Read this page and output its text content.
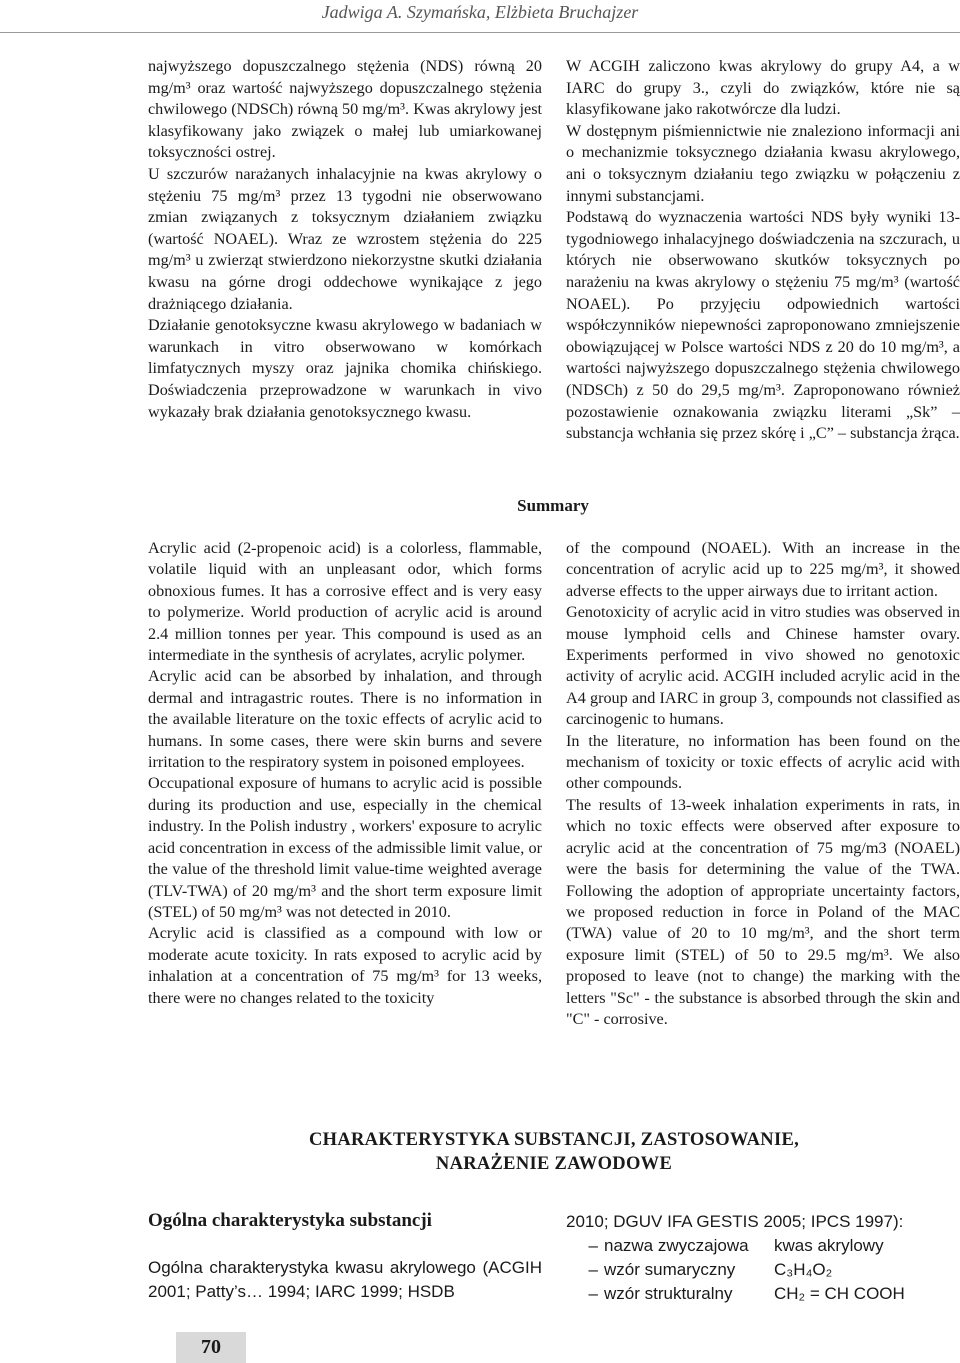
Jadwiga A. Szymańska, Elżbieta Bruchajzer

najwyższego dopuszczalnego stężenia (NDS) równą 20 mg/m³ oraz wartość najwyższego dopuszczalnego stężenia chwilowego (NDSCh) równą 50 mg/m³. Kwas akrylowy jest klasyfikowany jako związek o małej lub umiarkowanej toksyczności ostrej.

U szczurów narażanych inhalacyjnie na kwas akrylowy o stężeniu 75 mg/m³ przez 13 tygodni nie obserwowano zmian związanych z toksycznym działaniem związku (wartość NOAEL). Wraz ze wzrostem stężenia do 225 mg/m³ u zwierząt stwierdzono niekorzystne skutki działania kwasu na górne drogi oddechowe wynikające z jego drażniącego działania.

Działanie genotoksyczne kwasu akrylowego w badaniach w warunkach in vitro obserwowano w komórkach limfatycznych myszy oraz jajnika chomika chińskiego. Doświadczenia przeprowadzone w warunkach in vivo wykazały brak działania genotoksycznego kwasu.

W ACGIH zaliczono kwas akrylowy do grupy A4, a w IARC do grupy 3., czyli do związków, które nie są klasyfikowane jako rakotwórcze dla ludzi.

W dostępnym piśmiennictwie nie znaleziono informacji ani o mechanizmie toksycznego działania kwasu akrylowego, ani o toksycznym działaniu tego związku w połączeniu z innymi substancjami.

Podstawą do wyznaczenia wartości NDS były wyniki 13-tygodniowego inhalacyjnego doświadczenia na szczurach, u których nie obserwowano skutków toksycznych po narażeniu na kwas akrylowy o stężeniu 75 mg/m³ (wartość NOAEL). Po przyjęciu odpowiednich wartości współczynników niepewności zaproponowano zmniejszenie obowiązującej w Polsce wartości NDS z 20 do 10 mg/m³, a wartości najwyższego dopuszczalnego stężenia chwilowego (NDSCh) z 50 do 29,5 mg/m³. Zaproponowano również pozostawienie oznakowania związku literami „Sk” – substancja wchłania się przez skórę i „C” – substancja żrąca.

Summary

Acrylic acid (2-propenoic acid) is a colorless, flammable, volatile liquid with an unpleasant odor, which forms obnoxious fumes. It has a corrosive effect and is very easy to polymerize. World production of acrylic acid is around 2.4 million tonnes per year. This compound is used as an intermediate in the synthesis of acrylates, acrylic polymer.

Acrylic acid can be absorbed by inhalation, and through dermal and intragastric routes. There is no information in the available literature on the toxic effects of acrylic acid to humans. In some cases, there were skin burns and severe irritation to the respiratory system in poisoned employees.

Occupational exposure of humans to acrylic acid is possible during its production and use, especially in the chemical industry. In the Polish industry , workers' exposure to acrylic acid concentration in excess of the admissible limit value, or the value of the threshold limit value-time weighted average (TLV-TWA) of 20 mg/m³ and the short term exposure limit (STEL) of 50 mg/m³ was not detected in 2010.

Acrylic acid is classified as a compound with low or moderate acute toxicity. In rats exposed to acrylic acid by inhalation at a concentration of 75 mg/m³ for 13 weeks, there were no changes related to the toxicity

of the compound (NOAEL). With an increase in the concentration of acrylic acid up to 225 mg/m³, it showed adverse effects to the upper airways due to irritant action.

Genotoxicity of acrylic acid in vitro studies was observed in mouse lymphoid cells and Chinese hamster ovary. Experiments performed in vivo showed no genotoxic activity of acrylic acid. ACGIH included acrylic acid in the A4 group and IARC in group 3, compounds not classified as carcinogenic to humans.

In the literature, no information has been found on the mechanism of toxicity or toxic effects of acrylic acid with other compounds.

The results of 13-week inhalation experiments in rats, in which no toxic effects were observed after exposure to acrylic acid at the concentration of 75 mg/m3 (NOAEL) were the basis for determining the value of the TWA. Following the adoption of appropriate uncertainty factors, we proposed reduction in force in Poland of the MAC (TWA) value of 20 to 10 mg/m³, and the short term exposure limit (STEL) of 50 to 29.5 mg/m³. We also proposed to leave (not to change) the marking with the letters "Sc" - the substance is absorbed through the skin and "C" - corrosive.

CHARAKTERYSTYKA SUBSTANCJI, ZASTOSOWANIE,
NARAŻENIE ZAWODOWE
Ogólna charakterystyka substancji

Ogólna charakterystyka kwasu akrylowego (ACGIH 2001; Patty’s… 1994; IARC 1999; HSDB

2010; DGUV IFA GESTIS 2005; IPCS 1997):

– nazwa zwyczajowa	kwas akrylowy
– wzór sumaryczny	C₃H₄O₂
– wzór strukturalny	CH₂ = CH COOH
70
